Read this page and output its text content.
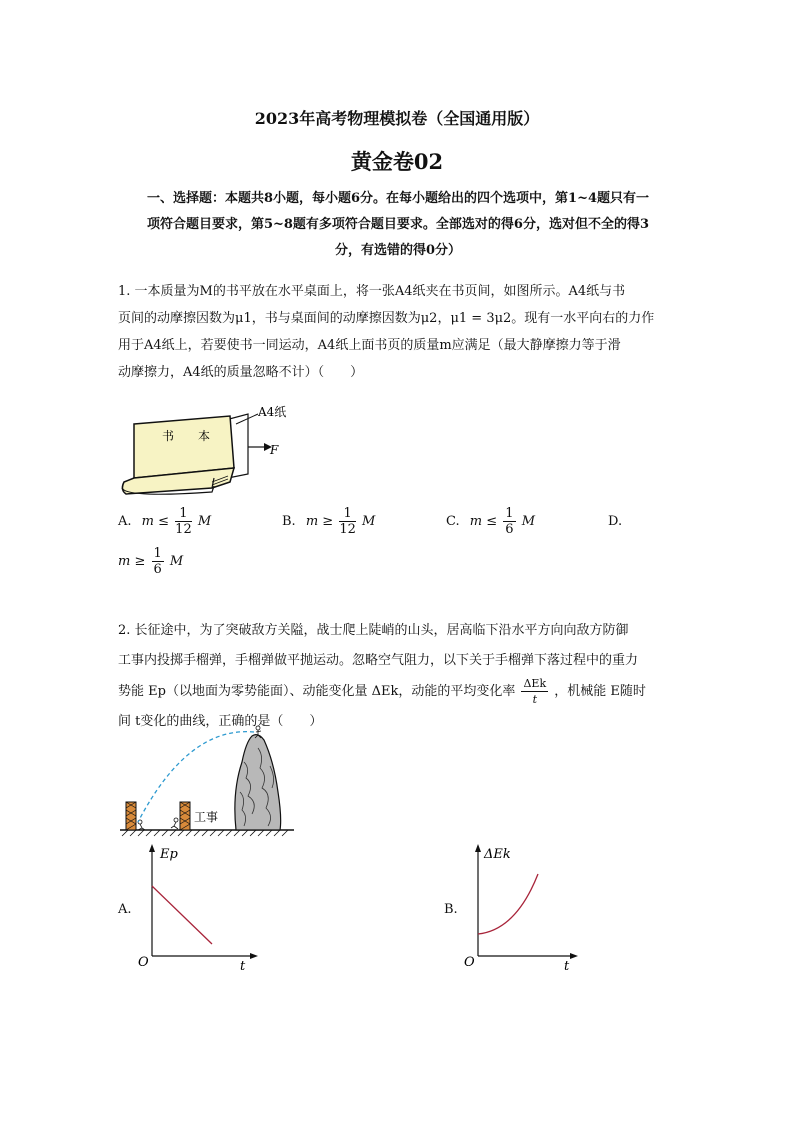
2023年高考物理模拟卷（全国通用版）
黄金卷02
一、选择题：本题共8小题，每小题6分。在每小题给出的四个选项中，第1~4题只有一
项符合题目要求，第5~8题有多项符合题目要求。全部选对的得6分，选对但不全的得3
分，有选错的得0分）
1. 一本质量为M的书平放在水平桌面上，将一张A4纸夹在书页间，如图所示。A4纸与书
页间的动摩擦因数为μ1，书与桌面间的动摩擦因数为μ2，μ1 = 3μ2。现有一水平向右的力作
用于A4纸上，若要使书一同运动，A4纸上面书页的质量m应满足（最大静摩擦力等于滑
动摩擦力，A4纸的质量忽略不计）（　　）
A4纸
F
书 本
A. $m \le \frac{1}{12}$ M	B. $m \ge \frac{1}{12}$ M	C. $m \le \frac{1}{6}$ M	D.
$m \ge \frac{1}{6}$ M
2. 长征途中，为了突破敌方关隘，战士爬上陡峭的山头，居高临下沿水平方向向敌方防御
工事内投掷手榴弹，手榴弹做平抛运动。忽略空气阻力，以下关于手榴弹下落过程中的重力
势能 Ep（以地面为零势能面）、动能变化量 ΔEk，动能的平均变化率 $\frac{\text{ΔEk}}{t}$ ，机械能 E随时
间 t变化的曲线，正确的是（　　）
工事
A.
Ep
t
O
B.
ΔEk
t
O
